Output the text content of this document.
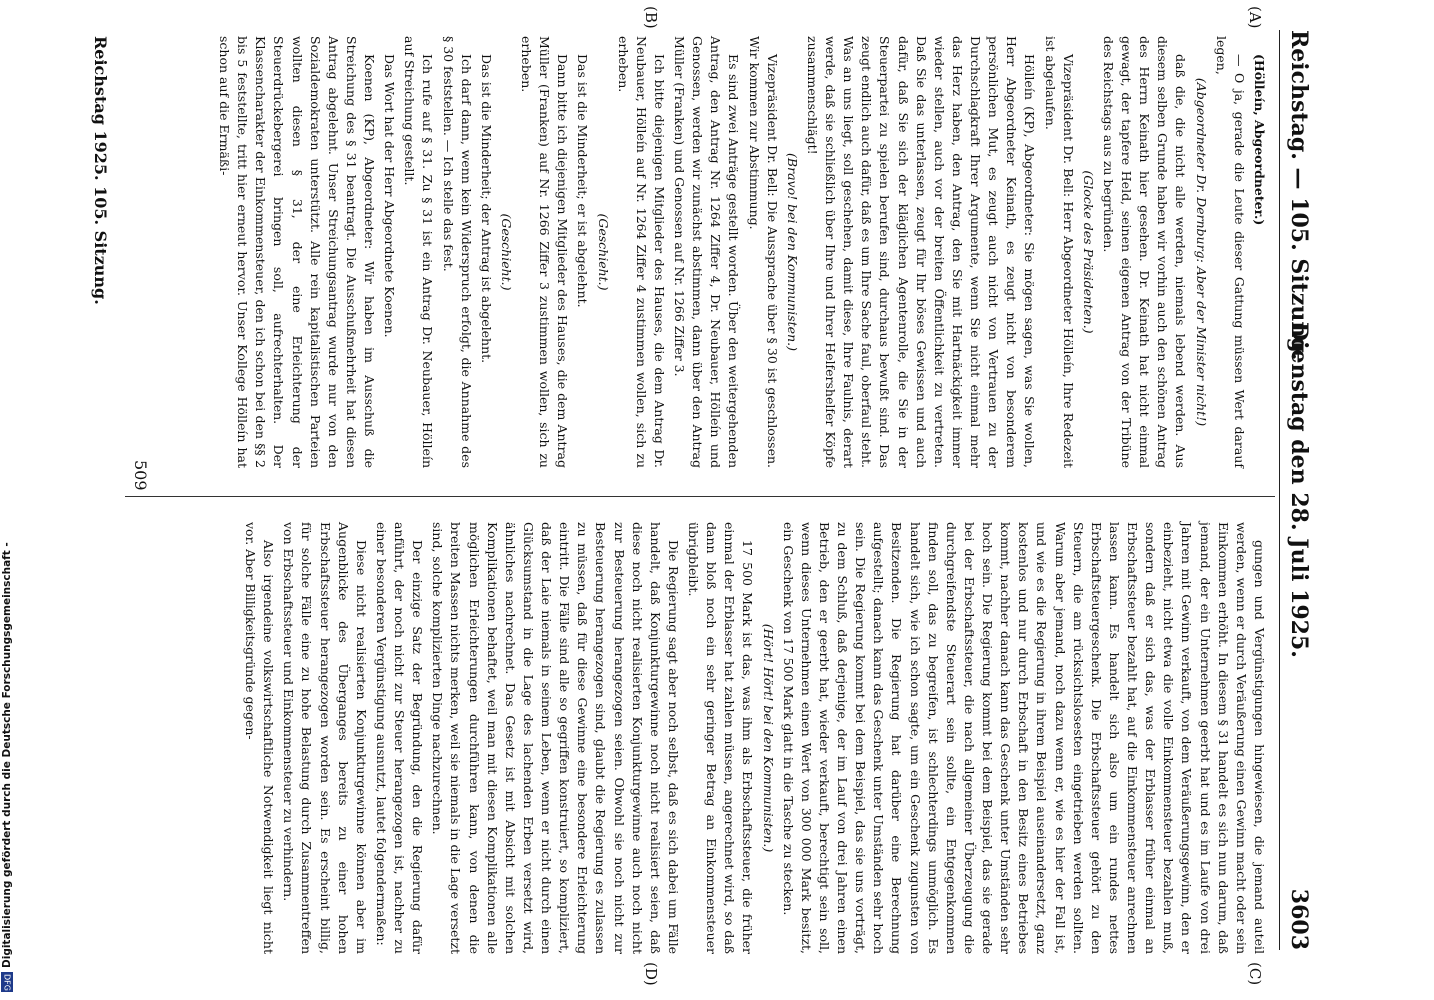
Digitalisierung gefördert durch die Deutsche Forschungsgemeinschaft -
DFG
Reichstag. — 105. Sitzung.
Dienstag den 28. Juli 1925.
3603
(A)
(B)
(C)
(D)

(Hölleín, Abgeordneter.)

— O ja, gerade die Leute dieser Gattung müssen Wert darauf legen,

(Abgeordneter Dr. Dernburg: Aber der Minister nicht!)

daß die, die nicht alle werden, niemals lebend werden. Aus diesem selben Grunde haben wir vorhin auch den schönen Antrag des Herrn Keinath hier gesehen. Dr. Keinath hat nicht einmal gewagt, der tapfere Held, seinen eigenen Antrag von der Tribüne des Reichstags aus zu begründen.

(Glocke des Präsidenten.)

Vizepräsident Dr. Bell: Herr Abgeordneter Hölleín, Ihre Redezeit ist abgelaufen.

Hölleín (KP), Abgeordneter: Sie mögen sagen, was Sie wollen, Herr Abgeordneter Keinath, es zeugt nicht von besonderem persönlichen Mut, es zeugt auch nicht von Vertrauen zu der Durchschlagkraft Ihrer Argumente, wenn Sie nicht einmal mehr das Herz haben, den Antrag, den Sie mit Hartnäckigkeit immer wieder stellen, auch vor der breiten Öffentlichkeit zu vertreten. Daß Sie das unterlassen, zeugt für Ihr böses Gewissen und auch dafür, daß Sie sich der kläglichen Agentenrolle, die Sie in der Steuerpartei zu spielen berufen sind, durchaus bewußt sind. Das zeugt endlich auch dafür, daß es um Ihre Sache faul, oberfaul steht. Was an uns liegt, soll geschehen, damit diese, Ihre Faulnis, derart werde, daß sie schließlich über Ihre und Ihrer Helfershelfer Köpfe zusammenschlägt!

(Bravo! bei den Kommunisten.)

Vizepräsident Dr. Bell: Die Aussprache über § 30 ist geschlossen. Wir kommen zur Abstimmung.

Es sind zwei Anträge gestellt worden. Über den weitergehenden Antrag, den Antrag Nr. 1264 Ziffer 4, Dr. Neubauer, Hölleín und Genossen, werden wir zunächst abstimmen, dann über den Antrag Müller (Franken) und Genossen auf Nr. 1266 Ziffer 3.

Ich bitte diejenigen Mitglieder des Hauses, die dem Antrag Dr. Neubauer, Hölleín auf Nr. 1264 Ziffer 4 zustimmen wollen, sich zu erheben.

(Geschieht.)

Das ist die Minderheit; er ist abgelehnt.

Dann bitte ich diejenigen Mitglieder des Hauses, die dem Antrag Müller (Franken) auf Nr. 1266 Ziffer 3 zustimmen wollen, sich zu erheben.

(Geschieht.)

Das ist die Minderheit; der Antrag ist abgelehnt.

Ich darf dann, wenn kein Widerspruch erfolgt, die Annahme des § 30 feststellen. — Ich stelle das fest.

Ich rufe auf § 31. Zu § 31 ist ein Antrag Dr. Neubauer, Hölleín auf Streichung gestellt.

Das Wort hat der Herr Abgeordnete Koenen.

Koenen (KP), Abgeordneter: Wir haben im Ausschuß die Streichung des § 31 beantragt. Die Ausschußmehrheit hat diesen Antrag abgelehnt. Unser Streichungsantrag wurde nur von den Sozialdemokraten unterstützt. Alle rein kapitalistischen Parteien wollten diesen § 31, der eine Erleichterung der Steuerdrückebergerei bringen soll, aufrechterhalten. Der Klassencharakter der Einkommensteuer, den ich schon bei den §§ 2 bis 5 feststellte, tritt hier erneut hervor. Unser Kollege Hölleín hat schon auf die Ermäßi-

gungen und Vergünstigungen hingewiesen, die jemand auteil werden, wenn er durch Veräußerung einen Gewinn macht oder sein Einkommen erhöht. In diesem § 31 handelt es sich nun darum, daß jemand, der ein Unternehmen geerbt hat und es im Laufe von drei Jahren mit Gewinn verkauft, von dem Veräußerungsgewinn, den er einbezieht, nicht etwa die volle Einkommensteuer bezahlen muß, sondern daß er sich das, was der Erblasser früher einmal an Erbschaftssteuer bezahlt hat, auf die Einkommensteuer anrechnen lassen kann. Es handelt sich also um ein rundes nettes Erbschaftsteuergeschenk. Die Erbschaftssteuer gehört zu den Steuern, die am rücksichtslosesten eingetrieben werden sollten. Warum aber jemand, noch dazu wenn er, wie es hier der Fall ist, und wie es die Regierung in ihrem Beispiel auseinandersetzt, ganz kostenlos und nur durch Erbschaft in den Besitz eines Betriebes kommt, nachher danach kann das Geschenk unter Umständen sehr hoch sein. Die Regierung kommt bei dem Beispiel, das sie gerade bei der Erbschaftssteuer, die nach allgemeiner Überzeugung die durchgreifendste Steuerart sein sollte, ein Entgegenkommen finden soll, das zu begreifen, ist schlechterdings unmöglich. Es handelt sich, wie ich schon sagte, um ein Geschenk zugunsten von Besitzenden. Die Regierung hat darüber eine Berechnung aufgestellt; danach kann das Geschenk unter Umständen sehr hoch sein. Die Regierung kommt bei dem Beispiel, das sie uns vorträgt, zu dem Schluß, daß derjenige, der im Lauf von drei Jahren einen Betrieb, den er geerbt hat, wieder verkauft, berechtigt sein soll, wenn dieses Unternehmen einen Wert von 300 000 Mark besitzt, ein Geschenk von 17 500 Mark glatt in die Tasche zu stecken.

(Hört! Hört! bei den Kommunisten.)

17 500 Mark ist das, was ihm als Erbschaftssteuer, die früher einmal der Erblasser hat zahlen müssen, angerechnet wird, so daß dann bloß noch ein sehr geringer Betrag an Einkommensteuer übrigbleibt.

Die Regierung sagt aber noch selbst, daß es sich dabei um Fälle handelt, daß Konjunkturgewinne noch nicht realisiert seien, daß diese noch nicht realisierten Konjunkturgewinne auch noch nicht zur Besteuerung herangezogen seien. Obwohl sie noch nicht zur Besteuerung herangezogen sind, glaubt die Regierung es zulassen zu müssen, daß für diese Gewinne eine besondere Erleichterung eintritt. Die Fälle sind alle so gegriffen konstruiert, so kompliziert, daß der Laie niemals in seinem Leben, wenn er nicht durch einen Glücksumstand in die Lage des lachenden Erben versetzt wird, ähnliches nachrechnet. Das Gesetz ist mit Absicht mit solchen Komplikationen behaftet, weil man mit diesen Komplikationen alle möglichen Erleichterungen durchführen kann, von denen die breiten Massen nichts merken, weil sie niemals in die Lage versetzt sind, solche komplizierten Dinge nachzurechnen.

Der einzige Satz der Begründung, den die Regierung dafür anführt, der noch nicht zur Steuer herangezogen ist, nachher zu einer besonderen Vergünstigung ausnutzt, lautet folgendermaßen:

Diese nicht realisierten Konjunkturgewinne können aber im Augenblicke des Überganges bereits zu einer hohen Erbschaftssteuer herangezogen worden sein. Es erscheint billig, für solche Fälle eine zu hohe Belastung durch Zusammentreffen von Erbschaftssteuer und Einkommensteuer zu verhindern.

Also irgendeine volkswirtschaftliche Notwendigkeit liegt nicht vor. Aber Billigkeitsgründe gegen-

509
Reichstag 1925. 105. Sitzung.
